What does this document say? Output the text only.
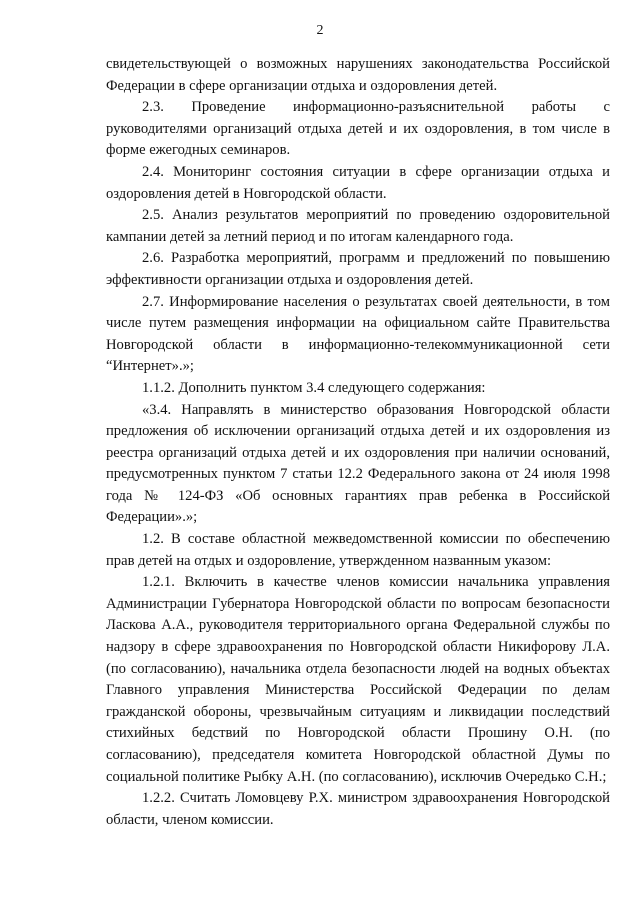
2

свидетельствующей о возможных нарушениях законодательства Российской Федерации в сфере организации отдыха и оздоровления детей.

2.3. Проведение информационно-разъяснительной работы с руководителями организаций отдыха детей и их оздоровления, в том числе в форме ежегодных семинаров.

2.4. Мониторинг состояния ситуации в сфере организации отдыха и оздоровления детей в Новгородской области.

2.5. Анализ результатов мероприятий по проведению оздоровительной кампании детей за летний период и по итогам календарного года.

2.6. Разработка мероприятий, программ и предложений по повышению эффективности организации отдыха и оздоровления детей.

2.7. Информирование населения о результатах своей деятельности, в том числе путем размещения информации на официальном сайте Правительства Новгородской области в информационно-телекоммуникационной сети “Интернет».»;

1.1.2. Дополнить пунктом 3.4 следующего содержания:

«3.4. Направлять в министерство образования Новгородской области предложения об исключении организаций отдыха детей и их оздоровления из реестра организаций отдыха детей и их оздоровления при наличии оснований, предусмотренных пунктом 7 статьи 12.2 Федерального закона от 24 июля 1998 года № 124-ФЗ «Об основных гарантиях прав ребенка в Российской Федерации».»;

1.2. В составе областной межведомственной комиссии по обеспечению прав детей на отдых и оздоровление, утвержденном названным указом:

1.2.1. Включить в качестве членов комиссии начальника управления Администрации Губернатора Новгородской области по вопросам безопасности Ласкова А.А., руководителя территориального органа Федеральной службы по надзору в сфере здравоохранения по Новгородской области Никифорову Л.А. (по согласованию), начальника отдела безопасности людей на водных объектах Главного управления Министерства Российской Федерации по делам гражданской обороны, чрезвычайным ситуациям и ликвидации последствий стихийных бедствий по Новгородской области Прошину О.Н. (по согласованию), председателя комитета Новгородской областной Думы по социальной политике Рыбку А.Н. (по согласованию), исключив Очередько С.Н.;

1.2.2. Считать Ломовцеву Р.Х. министром здравоохранения Новгородской области, членом комиссии.
